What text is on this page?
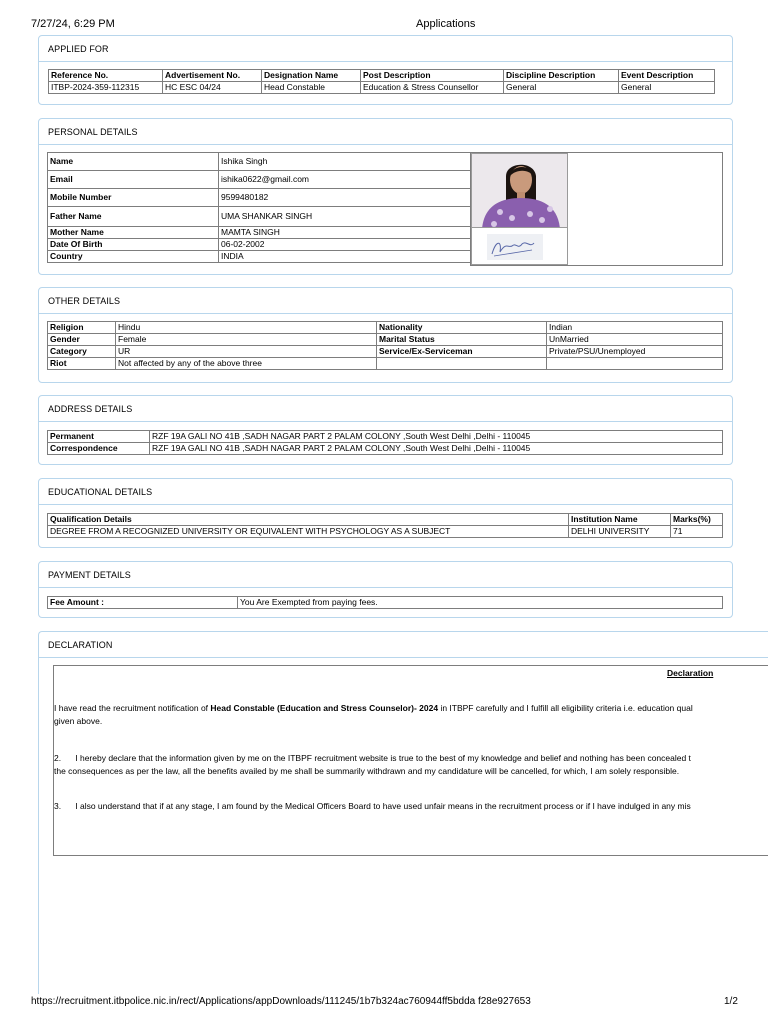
7/27/24, 6:29 PM	Applications
APPLIED FOR
Reference No.	Advertisement No.	Designation Name	Post Description	Discipline Description	Event Description
ITBP-2024-359-112315	HC ESC 04/24	Head Constable	Education & Stress Counsellor	General	General
PERSONAL DETAILS
Name	Ishika Singh
Email	ishika0622@gmail.com
Mobile Number	9599480182
Father Name	UMA SHANKAR SINGH
Mother Name	MAMTA SINGH
Date Of Birth	06-02-2002
Country	INDIA
OTHER DETAILS
Religion	Hindu	Nationality	Indian
Gender	Female	Marital Status	UnMarried
Category	UR	Service/Ex-Serviceman	Private/PSU/Unemployed
Riot	Not affected by any of the above three		
ADDRESS DETAILS
Permanent	RZF 19A GALI NO 41B ,SADH NAGAR PART 2 PALAM COLONY ,South West Delhi ,Delhi - 110045
Correspondence	RZF 19A GALI NO 41B ,SADH NAGAR PART 2 PALAM COLONY ,South West Delhi ,Delhi - 110045
EDUCATIONAL DETAILS
Qualification Details	Institution Name	Marks(%)
DEGREE FROM A RECOGNIZED UNIVERSITY OR EQUIVALENT WITH PSYCHOLOGY AS A SUBJECT	DELHI UNIVERSITY	71
PAYMENT DETAILS
Fee Amount :	You Are Exempted from paying fees.
DECLARATION
Declaration
I have read the recruitment notification of Head Constable (Education and Stress Counselor)- 2024 in ITBPF carefully and I fulfill all eligibility criteria i.e. education qual
given above.
2.      I hereby declare that the information given by me on the ITBPF recruitment website is true to the best of my knowledge and belief and nothing has been concealed t
the consequences as per the law, all the benefits availed by me shall be summarily withdrawn and my candidature will be cancelled, for which, I am solely responsible.
3.      I also understand that if at any stage, I am found by the Medical Officers Board to have used unfair means in the recruitment process or if I have indulged in any mis
https://recruitment.itbpolice.nic.in/rect/Applications/appDownloads/111245/1b7b324ac760944ff5bdda f28e927653	1/2
